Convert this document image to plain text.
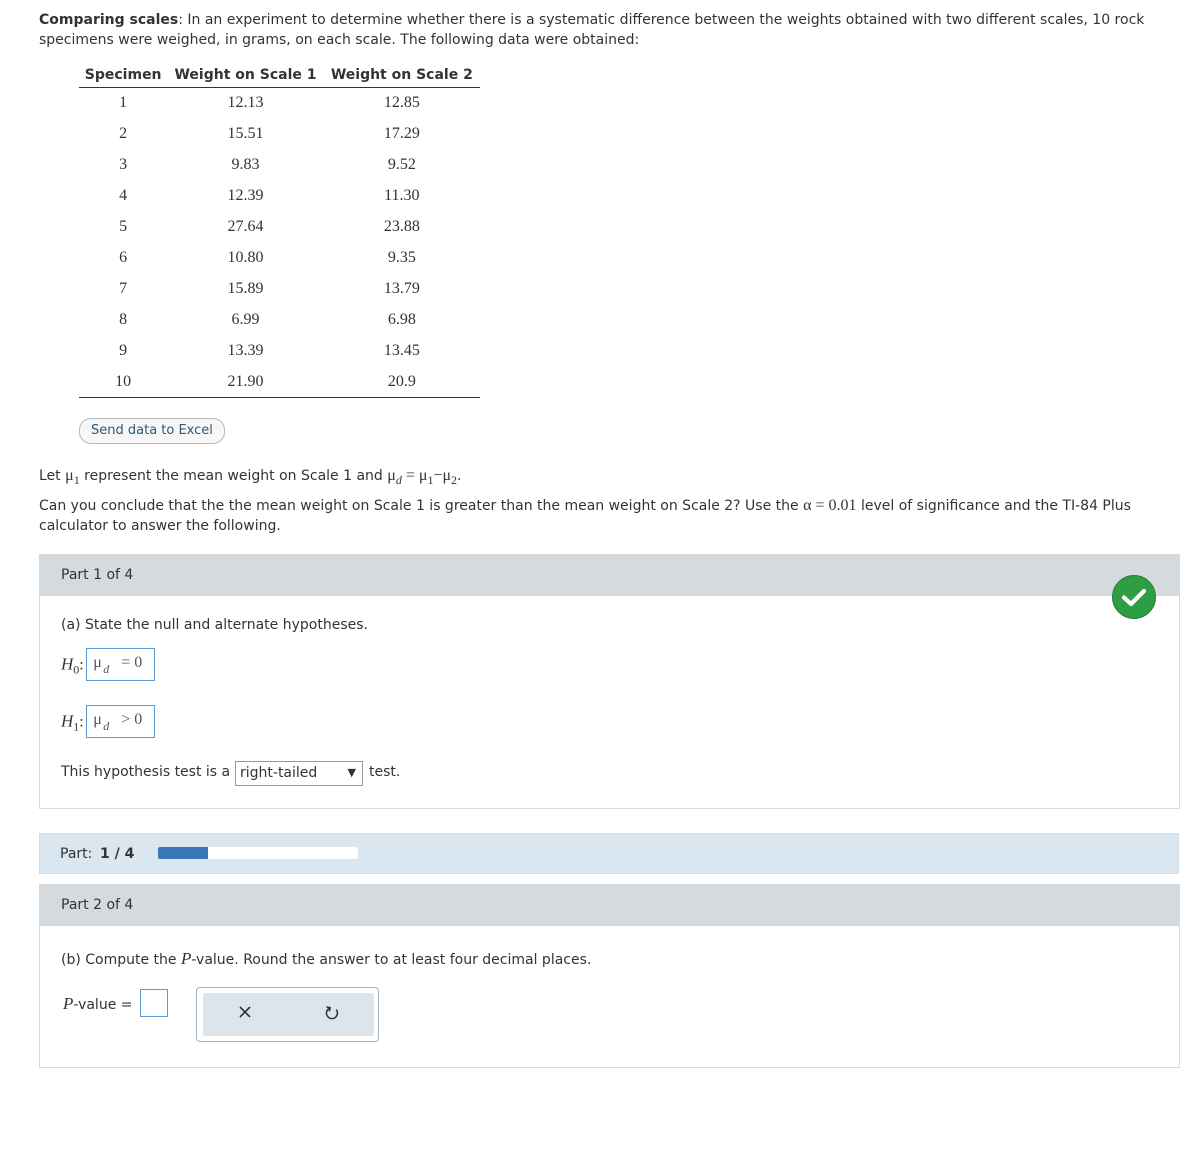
Comparing scales: In an experiment to determine whether there is a systematic difference between the weights obtained with two different scales, 10 rock specimens were weighed, in grams, on each scale. The following data were obtained:
Specimen	Weight on Scale 1	Weight on Scale 2
1	12.13	12.85
2	15.51	17.29
3	9.83	9.52
4	12.39	11.30
5	27.64	23.88
6	10.80	9.35
7	15.89	13.79
8	6.99	6.98
9	13.39	13.45
10	21.90	20.9
Send data to Excel
Let $\mu_1$ represent the mean weight on Scale 1 and $\mu_d = \mu_1-\mu_2$.
Can you conclude that the the mean weight on Scale 1 is greater than the mean weight on Scale 2? Use the α = 0.01 level of significance and the TI-84 Plus calculator to answer the following.
Part 1 of 4
(a) State the null and alternate hypotheses.
$H_0$: μ d = 0
$H_1$: μ d > 0
This hypothesis test is a	test.
right-tailed	▼
Part: 1 / 4
Part 2 of 4
(b) Compute the P-value. Round the answer to at least four decimal places.
P-value =
